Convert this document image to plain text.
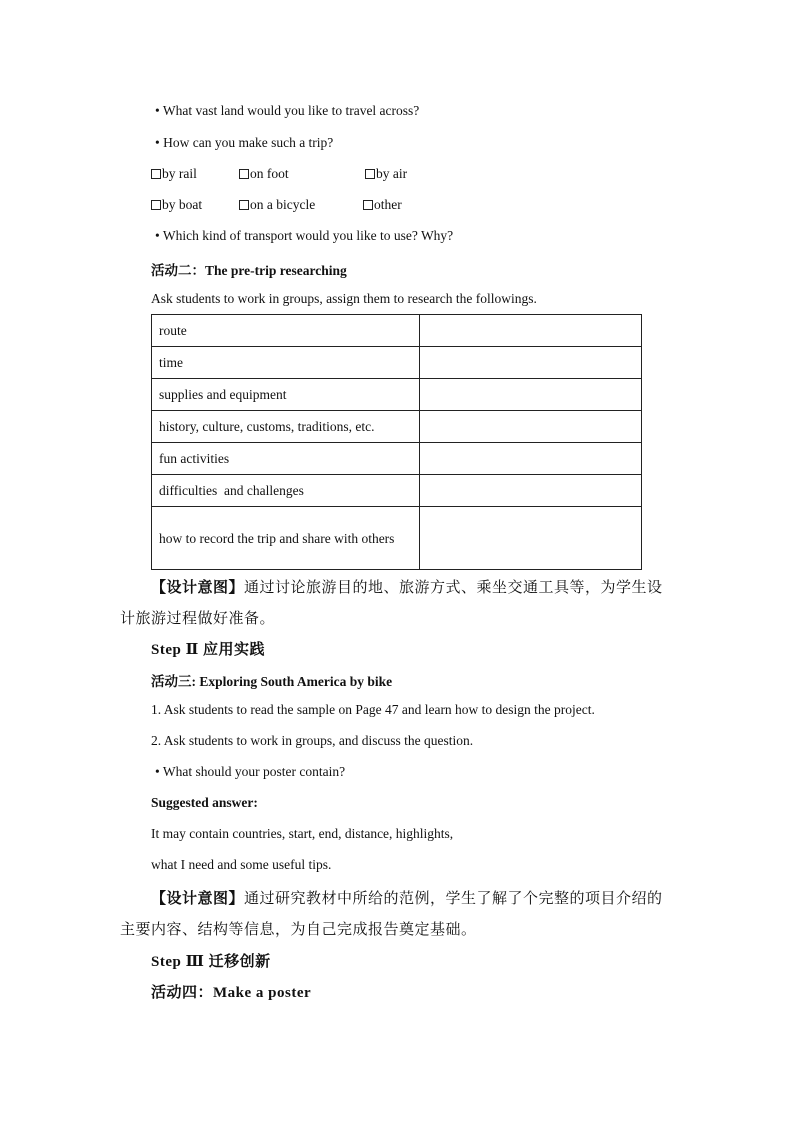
• What vast land would you like to travel across?
• How can you make such a trip?
by rail	on foot	by air
by boat	on a bicycle	other
• Which kind of transport would you like to use? Why?
活动二：The pre-trip researching
Ask students to work in groups, assign them to research the followings.
route	
time	
supplies and equipment	
history, culture, customs, traditions, etc.	
fun activities	
difficulties  and challenges	
how to record the trip and share with others	
【设计意图】通过讨论旅游目的地、旅游方式、乘坐交通工具等，为学生设
计旅游过程做好准备。
Step Ⅱ 应用实践
活动三: Exploring South America by bike
1. Ask students to read the sample on Page 47 and learn how to design the project.
2. Ask students to work in groups, and discuss the question.
• What should your poster contain?
Suggested answer:
It may contain countries, start, end, distance, highlights,
what I need and some useful tips.
【设计意图】通过研究教材中所给的范例，学生了解了个完整的项目介绍的
主要内容、结构等信息，为自己完成报告奠定基础。
Step Ⅲ 迁移创新
活动四：Make a poster
